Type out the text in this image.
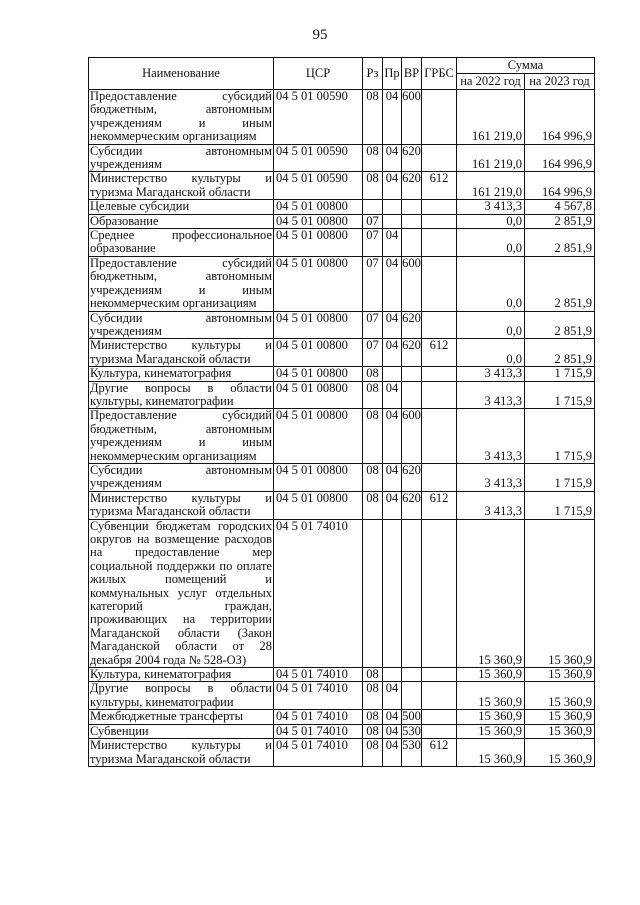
95
Наименование	ЦСР	Рз	Пр	ВР	ГРБС	Сумма	
						на 2022 год	на 2023 год
Предоставление субсидий бюджетным, автономным учреждениям и иным некоммерческим организациям	04 5 01 00590	08	04	600		161 219,0	164 996,9
Субсидии автономным учреждениям	04 5 01 00590	08	04	620		161 219,0	164 996,9
Министерство культуры и туризма Магаданской области	04 5 01 00590	08	04	620	612	161 219,0	164 996,9
Целевые субсидии	04 5 01 00800					3 413,3	4 567,8
Образование	04 5 01 00800	07				0,0	2 851,9
Среднее профессиональное образование	04 5 01 00800	07	04			0,0	2 851,9
Предоставление субсидий бюджетным, автономным учреждениям и иным некоммерческим организациям	04 5 01 00800	07	04	600		0,0	2 851,9
Субсидии автономным учреждениям	04 5 01 00800	07	04	620		0,0	2 851,9
Министерство культуры и туризма Магаданской области	04 5 01 00800	07	04	620	612	0,0	2 851,9
Культура, кинематография	04 5 01 00800	08				3 413,3	1 715,9
Другие вопросы в области культуры, кинематографии	04 5 01 00800	08	04			3 413,3	1 715,9
Предоставление субсидий бюджетным, автономным учреждениям и иным некоммерческим организациям	04 5 01 00800	08	04	600		3 413,3	1 715,9
Субсидии автономным учреждениям	04 5 01 00800	08	04	620		3 413,3	1 715,9
Министерство культуры и туризма Магаданской области	04 5 01 00800	08	04	620	612	3 413,3	1 715,9
Субвенции бюджетам городских округов на возмещение расходов на предоставление мер социальной поддержки по оплате жилых помещений и коммунальных услуг отдельных категорий граждан, проживающих на территории Магаданской области (Закон Магаданской области от 28 декабря 2004 года № 528-ОЗ)	04 5 01 74010					15 360,9	15 360,9
Культура, кинематография	04 5 01 74010	08				15 360,9	15 360,9
Другие вопросы в области культуры, кинематографии	04 5 01 74010	08	04			15 360,9	15 360,9
Межбюджетные трансферты	04 5 01 74010	08	04	500		15 360,9	15 360,9
Субвенции	04 5 01 74010	08	04	530		15 360,9	15 360,9
Министерство культуры и туризма Магаданской области	04 5 01 74010	08	04	530	612	15 360,9	15 360,9
